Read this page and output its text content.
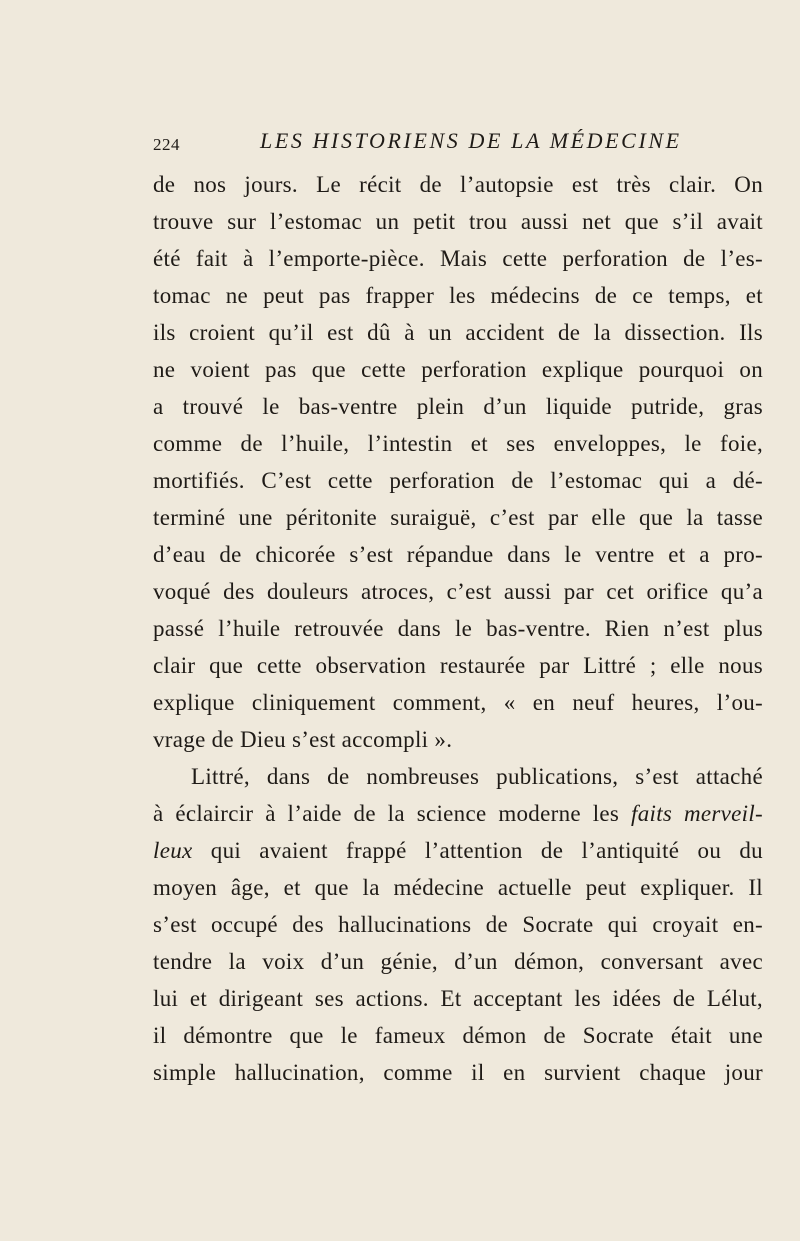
224	LES HISTORIENS DE LA MÉDECINE
de nos jours. Le récit de l’autopsie est très clair. On
trouve sur l’estomac un petit trou aussi net que s’il avait
été fait à l’emporte-pièce. Mais cette perforation de l’es-
tomac ne peut pas frapper les médecins de ce temps, et
ils croient qu’il est dû à un accident de la dissection. Ils
ne voient pas que cette perforation explique pourquoi on
a trouvé le bas-ventre plein d’un liquide putride, gras
comme de l’huile, l’intestin et ses enveloppes, le foie,
mortifiés. C’est cette perforation de l’estomac qui a dé-
terminé une péritonite suraiguë, c’est par elle que la tasse
d’eau de chicorée s’est répandue dans le ventre et a pro-
voqué des douleurs atroces, c’est aussi par cet orifice qu’a
passé l’huile retrouvée dans le bas-ventre. Rien n’est plus
clair que cette observation restaurée par Littré ; elle nous
explique cliniquement comment, « en neuf heures, l’ou-
vrage de Dieu s’est accompli ».
Littré, dans de nombreuses publications, s’est attaché
à éclaircir à l’aide de la science moderne les faits merveil-
leux qui avaient frappé l’attention de l’antiquité ou du
moyen âge, et que la médecine actuelle peut expliquer. Il
s’est occupé des hallucinations de Socrate qui croyait en-
tendre la voix d’un génie, d’un démon, conversant avec
lui et dirigeant ses actions. Et acceptant les idées de Lélut,
il démontre que le fameux démon de Socrate était une
simple hallucination, comme il en survient chaque jour
